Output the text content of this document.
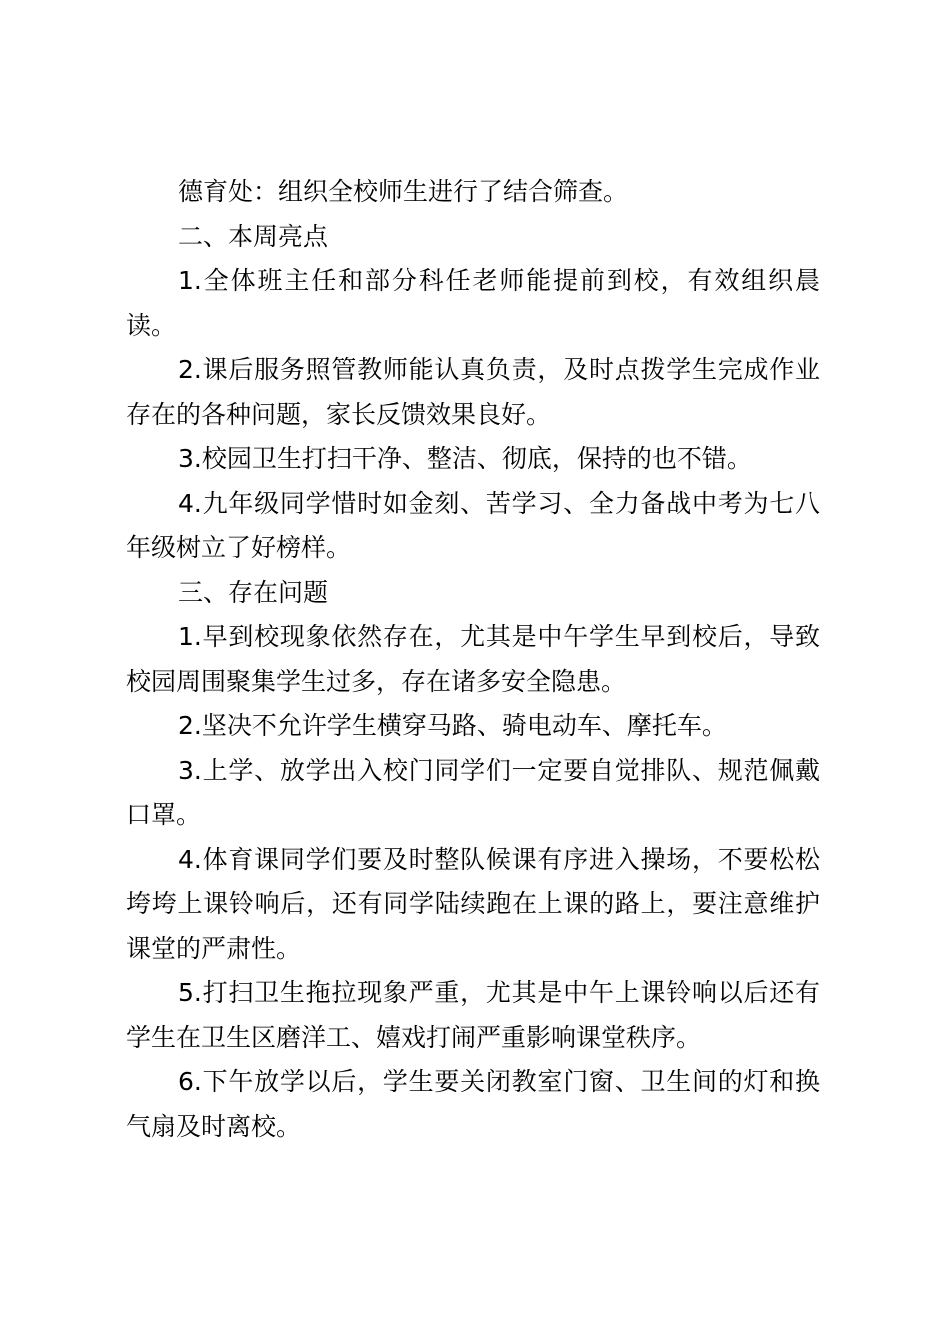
德育处：组织全校师生进行了结合筛查。

二、本周亮点

1.全体班主任和部分科任老师能提前到校，有效组织晨读。

2.课后服务照管教师能认真负责，及时点拨学生完成作业存在的各种问题，家长反馈效果良好。

3.校园卫生打扫干净、整洁、彻底，保持的也不错。

4.九年级同学惜时如金刻、苦学习、全力备战中考为七八年级树立了好榜样。

三、存在问题

1.早到校现象依然存在，尤其是中午学生早到校后，导致校园周围聚集学生过多，存在诸多安全隐患。

2.坚决不允许学生横穿马路、骑电动车、摩托车。

3.上学、放学出入校门同学们一定要自觉排队、规范佩戴口罩。

4.体育课同学们要及时整队候课有序进入操场，不要松松垮垮上课铃响后，还有同学陆续跑在上课的路上，要注意维护课堂的严肃性。

5.打扫卫生拖拉现象严重，尤其是中午上课铃响以后还有学生在卫生区磨洋工、嬉戏打闹严重影响课堂秩序。

6.下午放学以后，学生要关闭教室门窗、卫生间的灯和换气扇及时离校。
